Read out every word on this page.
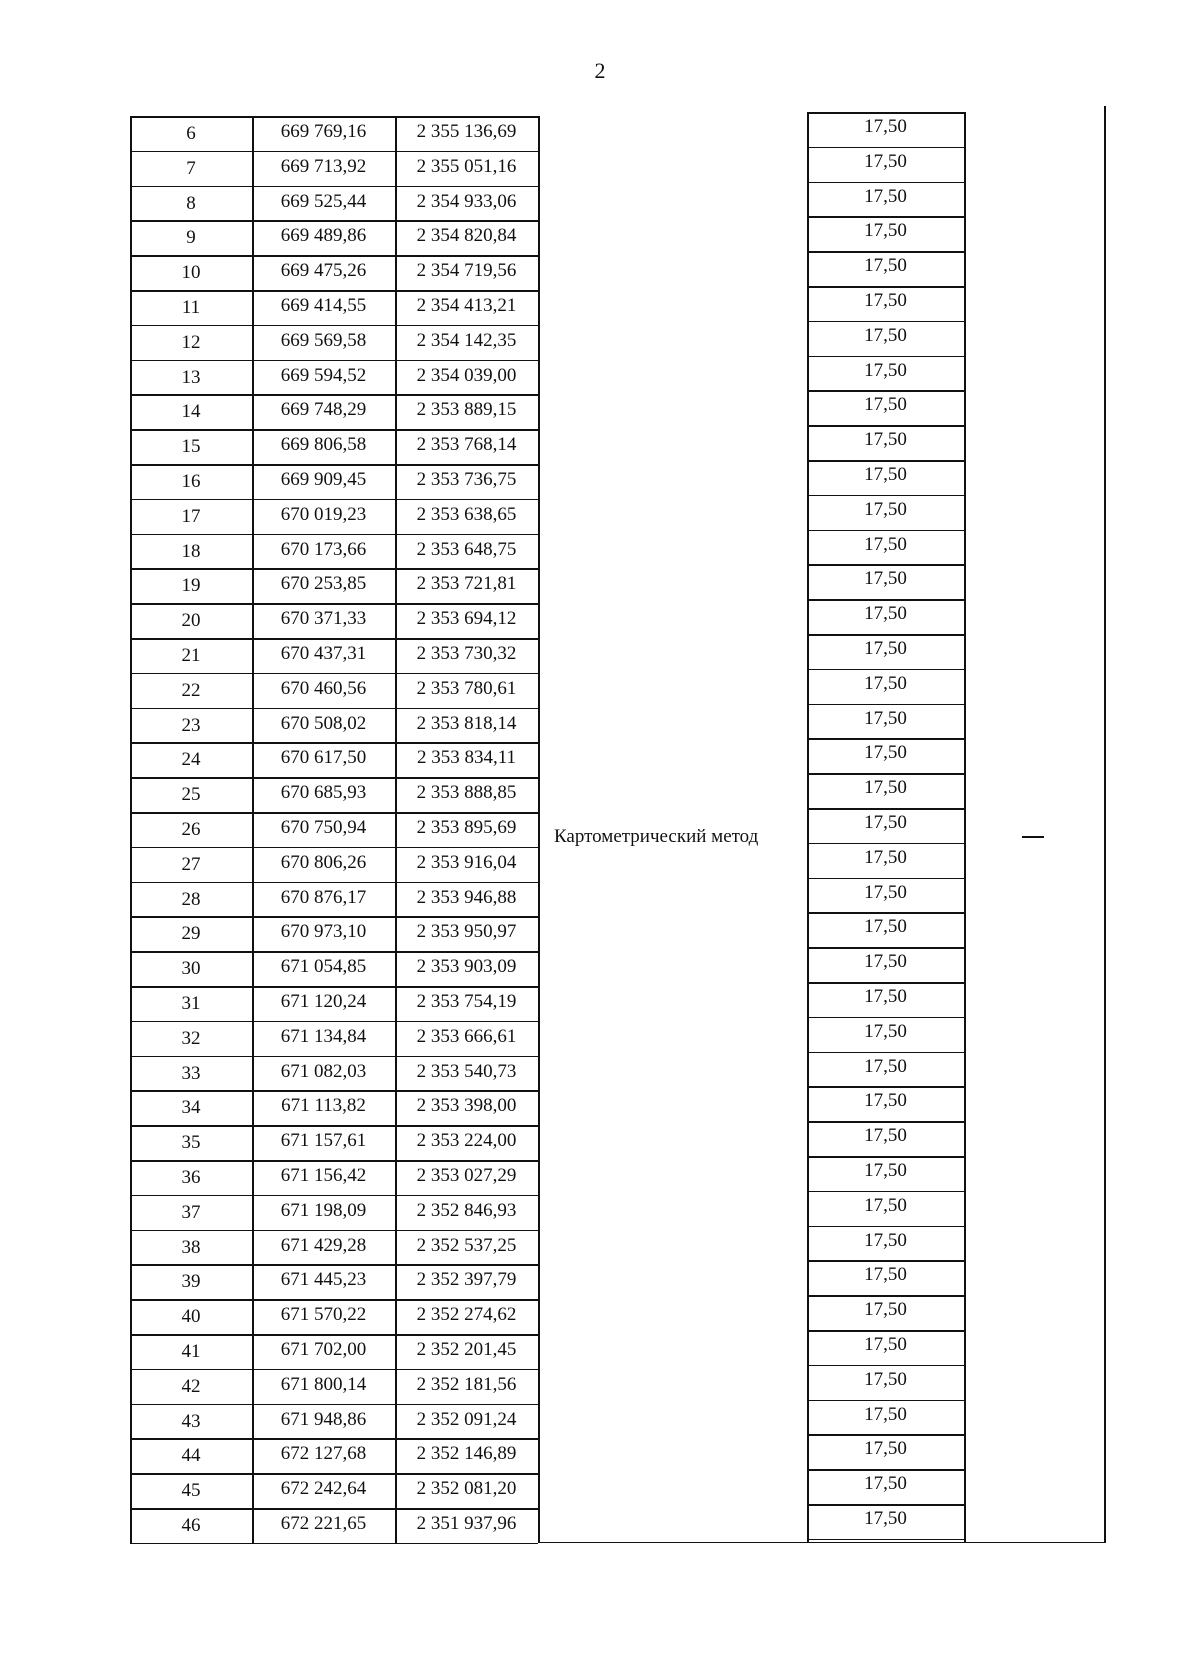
2
Картометрический метод
6	669 769,16	2 355 136,69	17,50
7	669 713,92	2 355 051,16	17,50
8	669 525,44	2 354 933,06	17,50
9	669 489,86	2 354 820,84	17,50
10	669 475,26	2 354 719,56	17,50
11	669 414,55	2 354 413,21	17,50
12	669 569,58	2 354 142,35	17,50
13	669 594,52	2 354 039,00	17,50
14	669 748,29	2 353 889,15	17,50
15	669 806,58	2 353 768,14	17,50
16	669 909,45	2 353 736,75	17,50
17	670 019,23	2 353 638,65	17,50
18	670 173,66	2 353 648,75	17,50
19	670 253,85	2 353 721,81	17,50
20	670 371,33	2 353 694,12	17,50
21	670 437,31	2 353 730,32	17,50
22	670 460,56	2 353 780,61	17,50
23	670 508,02	2 353 818,14	17,50
24	670 617,50	2 353 834,11	17,50
25	670 685,93	2 353 888,85	17,50
26	670 750,94	2 353 895,69	17,50
27	670 806,26	2 353 916,04	17,50
28	670 876,17	2 353 946,88	17,50
29	670 973,10	2 353 950,97	17,50
30	671 054,85	2 353 903,09	17,50
31	671 120,24	2 353 754,19	17,50
32	671 134,84	2 353 666,61	17,50
33	671 082,03	2 353 540,73	17,50
34	671 113,82	2 353 398,00	17,50
35	671 157,61	2 353 224,00	17,50
36	671 156,42	2 353 027,29	17,50
37	671 198,09	2 352 846,93	17,50
38	671 429,28	2 352 537,25	17,50
39	671 445,23	2 352 397,79	17,50
40	671 570,22	2 352 274,62	17,50
41	671 702,00	2 352 201,45	17,50
42	671 800,14	2 352 181,56	17,50
43	671 948,86	2 352 091,24	17,50
44	672 127,68	2 352 146,89	17,50
45	672 242,64	2 352 081,20	17,50
46	672 221,65	2 351 937,96	17,50
